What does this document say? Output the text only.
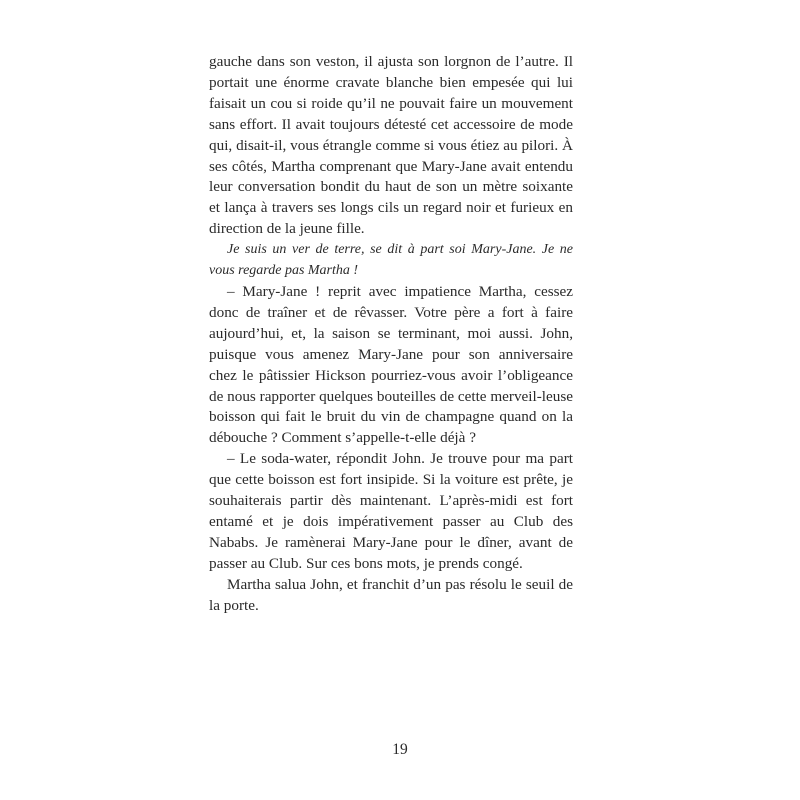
gauche dans son veston, il ajusta son lorgnon de l’autre. Il portait une énorme cravate blanche bien empesée qui lui faisait un cou si roide qu’il ne pouvait faire un mouvement sans effort. Il avait toujours détesté cet accessoire de mode qui, disait-il, vous étrangle comme si vous étiez au pilori. À ses côtés, Martha comprenant que Mary-Jane avait entendu leur conversation bondit du haut de son un mètre soixante et lança à travers ses longs cils un regard noir et furieux en direction de la jeune fille.

Je suis un ver de terre, se dit à part soi Mary-Jane. Je ne vous regarde pas Martha !

– Mary-Jane ! reprit avec impatience Martha, cessez donc de traîner et de rêvasser. Votre père a fort à faire aujourd’hui, et, la saison se terminant, moi aussi. John, puisque vous amenez Mary-Jane pour son anniversaire chez le pâtissier Hickson pourriez-vous avoir l’obligeance de nous rapporter quelques bouteilles de cette merveil-leuse boisson qui fait le bruit du vin de champagne quand on la débouche ? Comment s’appelle-t-elle déjà ?

– Le soda-water, répondit John. Je trouve pour ma part que cette boisson est fort insipide. Si la voiture est prête, je souhaiterais partir dès maintenant. L’après-midi est fort entamé et je dois impérativement passer au Club des Nababs. Je ramènerai Mary-Jane pour le dîner, avant de passer au Club. Sur ces bons mots, je prends congé.

Martha salua John, et franchit d’un pas résolu le seuil de la porte.

19
